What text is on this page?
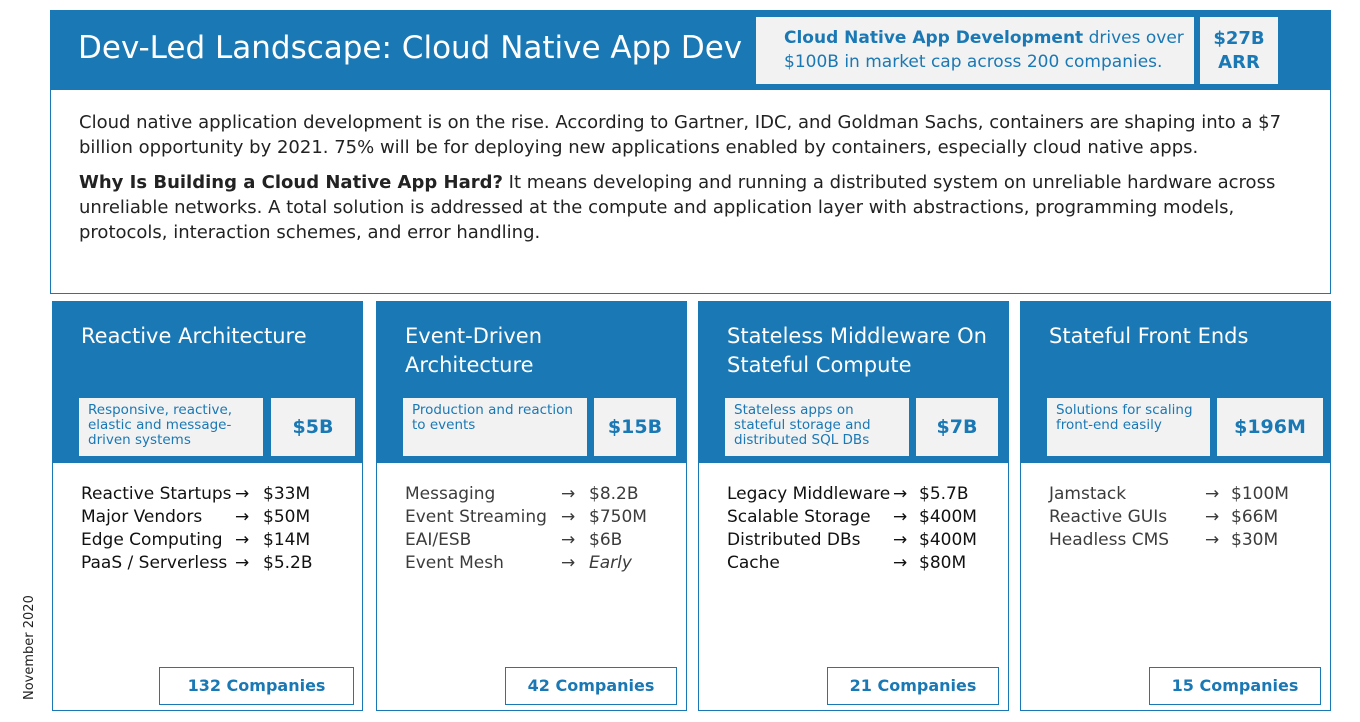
Dev-Led Landscape: Cloud Native App Dev	Cloud Native App Development drives over $100B in market cap across 200 companies.
$27B
ARR

Cloud native application development is on the rise. According to Gartner, IDC, and Goldman Sachs, containers are shaping into a $7 billion opportunity by 2021. 75% will be for deploying new applications enabled by containers, especially cloud native apps.

Why Is Building a Cloud Native App Hard? It means developing and running a distributed system on unreliable hardware across unreliable networks. A total solution is addressed at the compute and application layer with abstractions, programming models, protocols, interaction schemes, and error handling.

Reactive Architecture
Responsive, reactive, elastic and message-driven systems
$5B
Reactive Startups → $33M
Major Vendors → $50M
Edge Computing → $14M
PaaS / Serverless → $5.2B
132 Companies
Event-Driven Architecture
Production and reaction to events	$15B
Messaging	→ $8.2B
Event Streaming → $750M
EAI/ESB	→ $6B
Event Mesh	→ Early
42 Companies
Stateless Middleware On Stateful Compute
Stateless apps on stateful storage and distributed SQL DBs
$7B
Legacy Middleware → $5.7B
Scalable Storage → $400M
Distributed DBs → $400M
Cache	→ $80M
21 Companies
Stateful Front Ends
Solutions for scaling front-end easily	$196M
Jamstack	→ $100M
Reactive GUIs → $66M
Headless CMS → $30M
15 Companies
November 2020
